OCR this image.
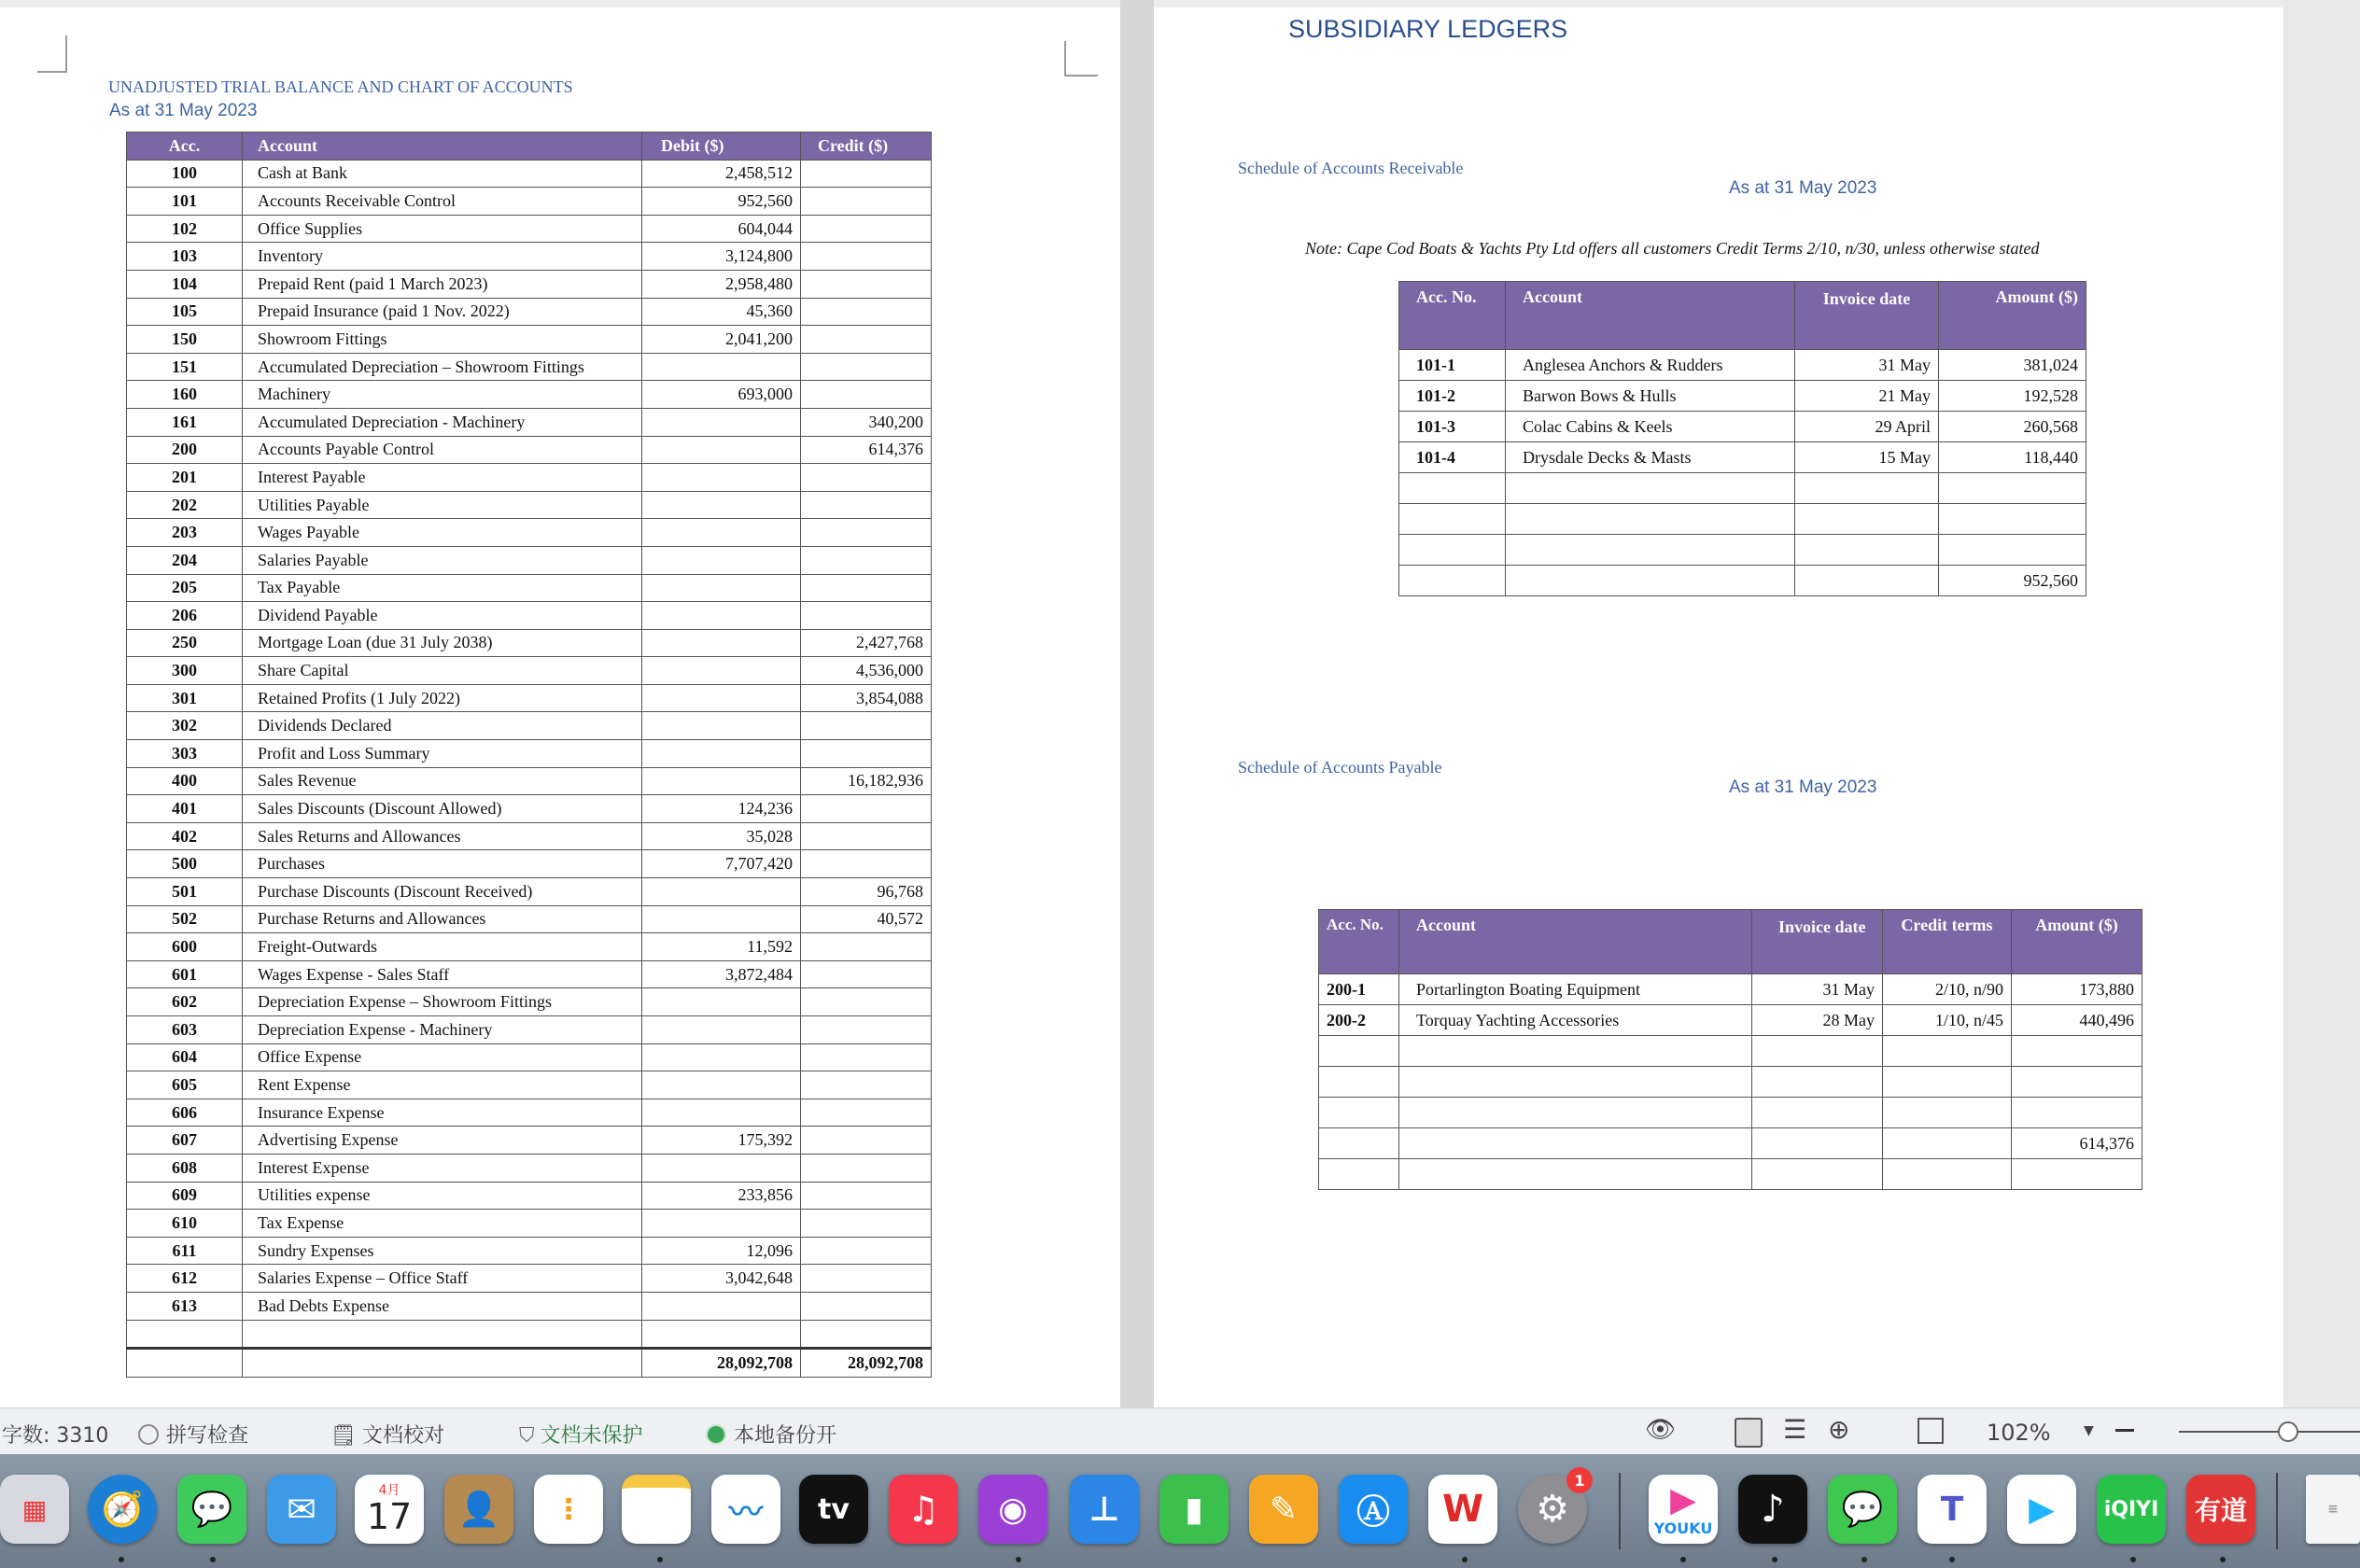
UNADJUSTED TRIAL BALANCE AND CHART OF ACCOUNTS
As at 31 May 2023
Acc.	Account	Debit ($)	Credit ($)
100	Cash at Bank	2,458,512	
101	Accounts Receivable Control	952,560	
102	Office Supplies	604,044	
103	Inventory	3,124,800	
104	Prepaid Rent (paid 1 March 2023)	2,958,480	
105	Prepaid Insurance (paid 1 Nov. 2022)	45,360	
150	Showroom Fittings	2,041,200	
151	Accumulated Depreciation – Showroom Fittings		
160	Machinery	693,000	
161	Accumulated Depreciation - Machinery		340,200
200	Accounts Payable Control		614,376
201	Interest Payable		
202	Utilities Payable		
203	Wages Payable		
204	Salaries Payable		
205	Tax Payable		
206	Dividend Payable		
250	Mortgage Loan (due 31 July 2038)		2,427,768
300	Share Capital		4,536,000
301	Retained Profits (1 July 2022)		3,854,088
302	Dividends Declared		
303	Profit and Loss Summary		
400	Sales Revenue		16,182,936
401	Sales Discounts (Discount Allowed)	124,236	
402	Sales Returns and Allowances	35,028	
500	Purchases	7,707,420	
501	Purchase Discounts (Discount Received)		96,768
502	Purchase Returns and Allowances		40,572
600	Freight-Outwards	11,592	
601	Wages Expense - Sales Staff	3,872,484	
602	Depreciation Expense – Showroom Fittings		
603	Depreciation Expense - Machinery		
604	Office Expense		
605	Rent Expense		
606	Insurance Expense		
607	Advertising Expense	175,392	
608	Interest Expense		
609	Utilities expense	233,856	
610	Tax Expense		
611	Sundry Expenses	12,096	
612	Salaries Expense – Office Staff	3,042,648	
613	Bad Debts Expense		

		28,092,708	28,092,708
SUBSIDIARY LEDGERS
Schedule of Accounts Receivable
As at 31 May 2023
Note: Cape Cod Boats & Yachts Pty Ltd offers all customers Credit Terms 2/10, n/30, unless otherwise stated
Acc. No.	Account	Invoice date	Amount ($)
101-1	Anglesea Anchors & Rudders	31 May	381,024
101-2	Barwon Bows & Hulls	21 May	192,528
101-3	Colac Cabins & Keels	29 April	260,568
101-4	Drysdale Decks & Masts	15 May	118,440

			952,560
Schedule of Accounts Payable
As at 31 May 2023
Acc. No.	Account	Invoice date	Credit terms	Amount ($)
200-1	Portarlington Boating Equipment	31 May	2/10, n/90	173,880
200-2	Torquay Yachting Accessories	28 May	1/10, n/45	440,496

				614,376

字数: 3310	拼写检查	🗒 文档校对	⛉ 文档未保护	本地备份开	👁	☰ ⊕	102%	▼
▦	🧭	💬	✉	4月
17	👤	⋮	〰	tv	♫	◉	⊥	▮	✎	Ⓐ	W	⚙
1
▶
YOUKU	♪	💬	T	▶	iQIYI 有道	≡
